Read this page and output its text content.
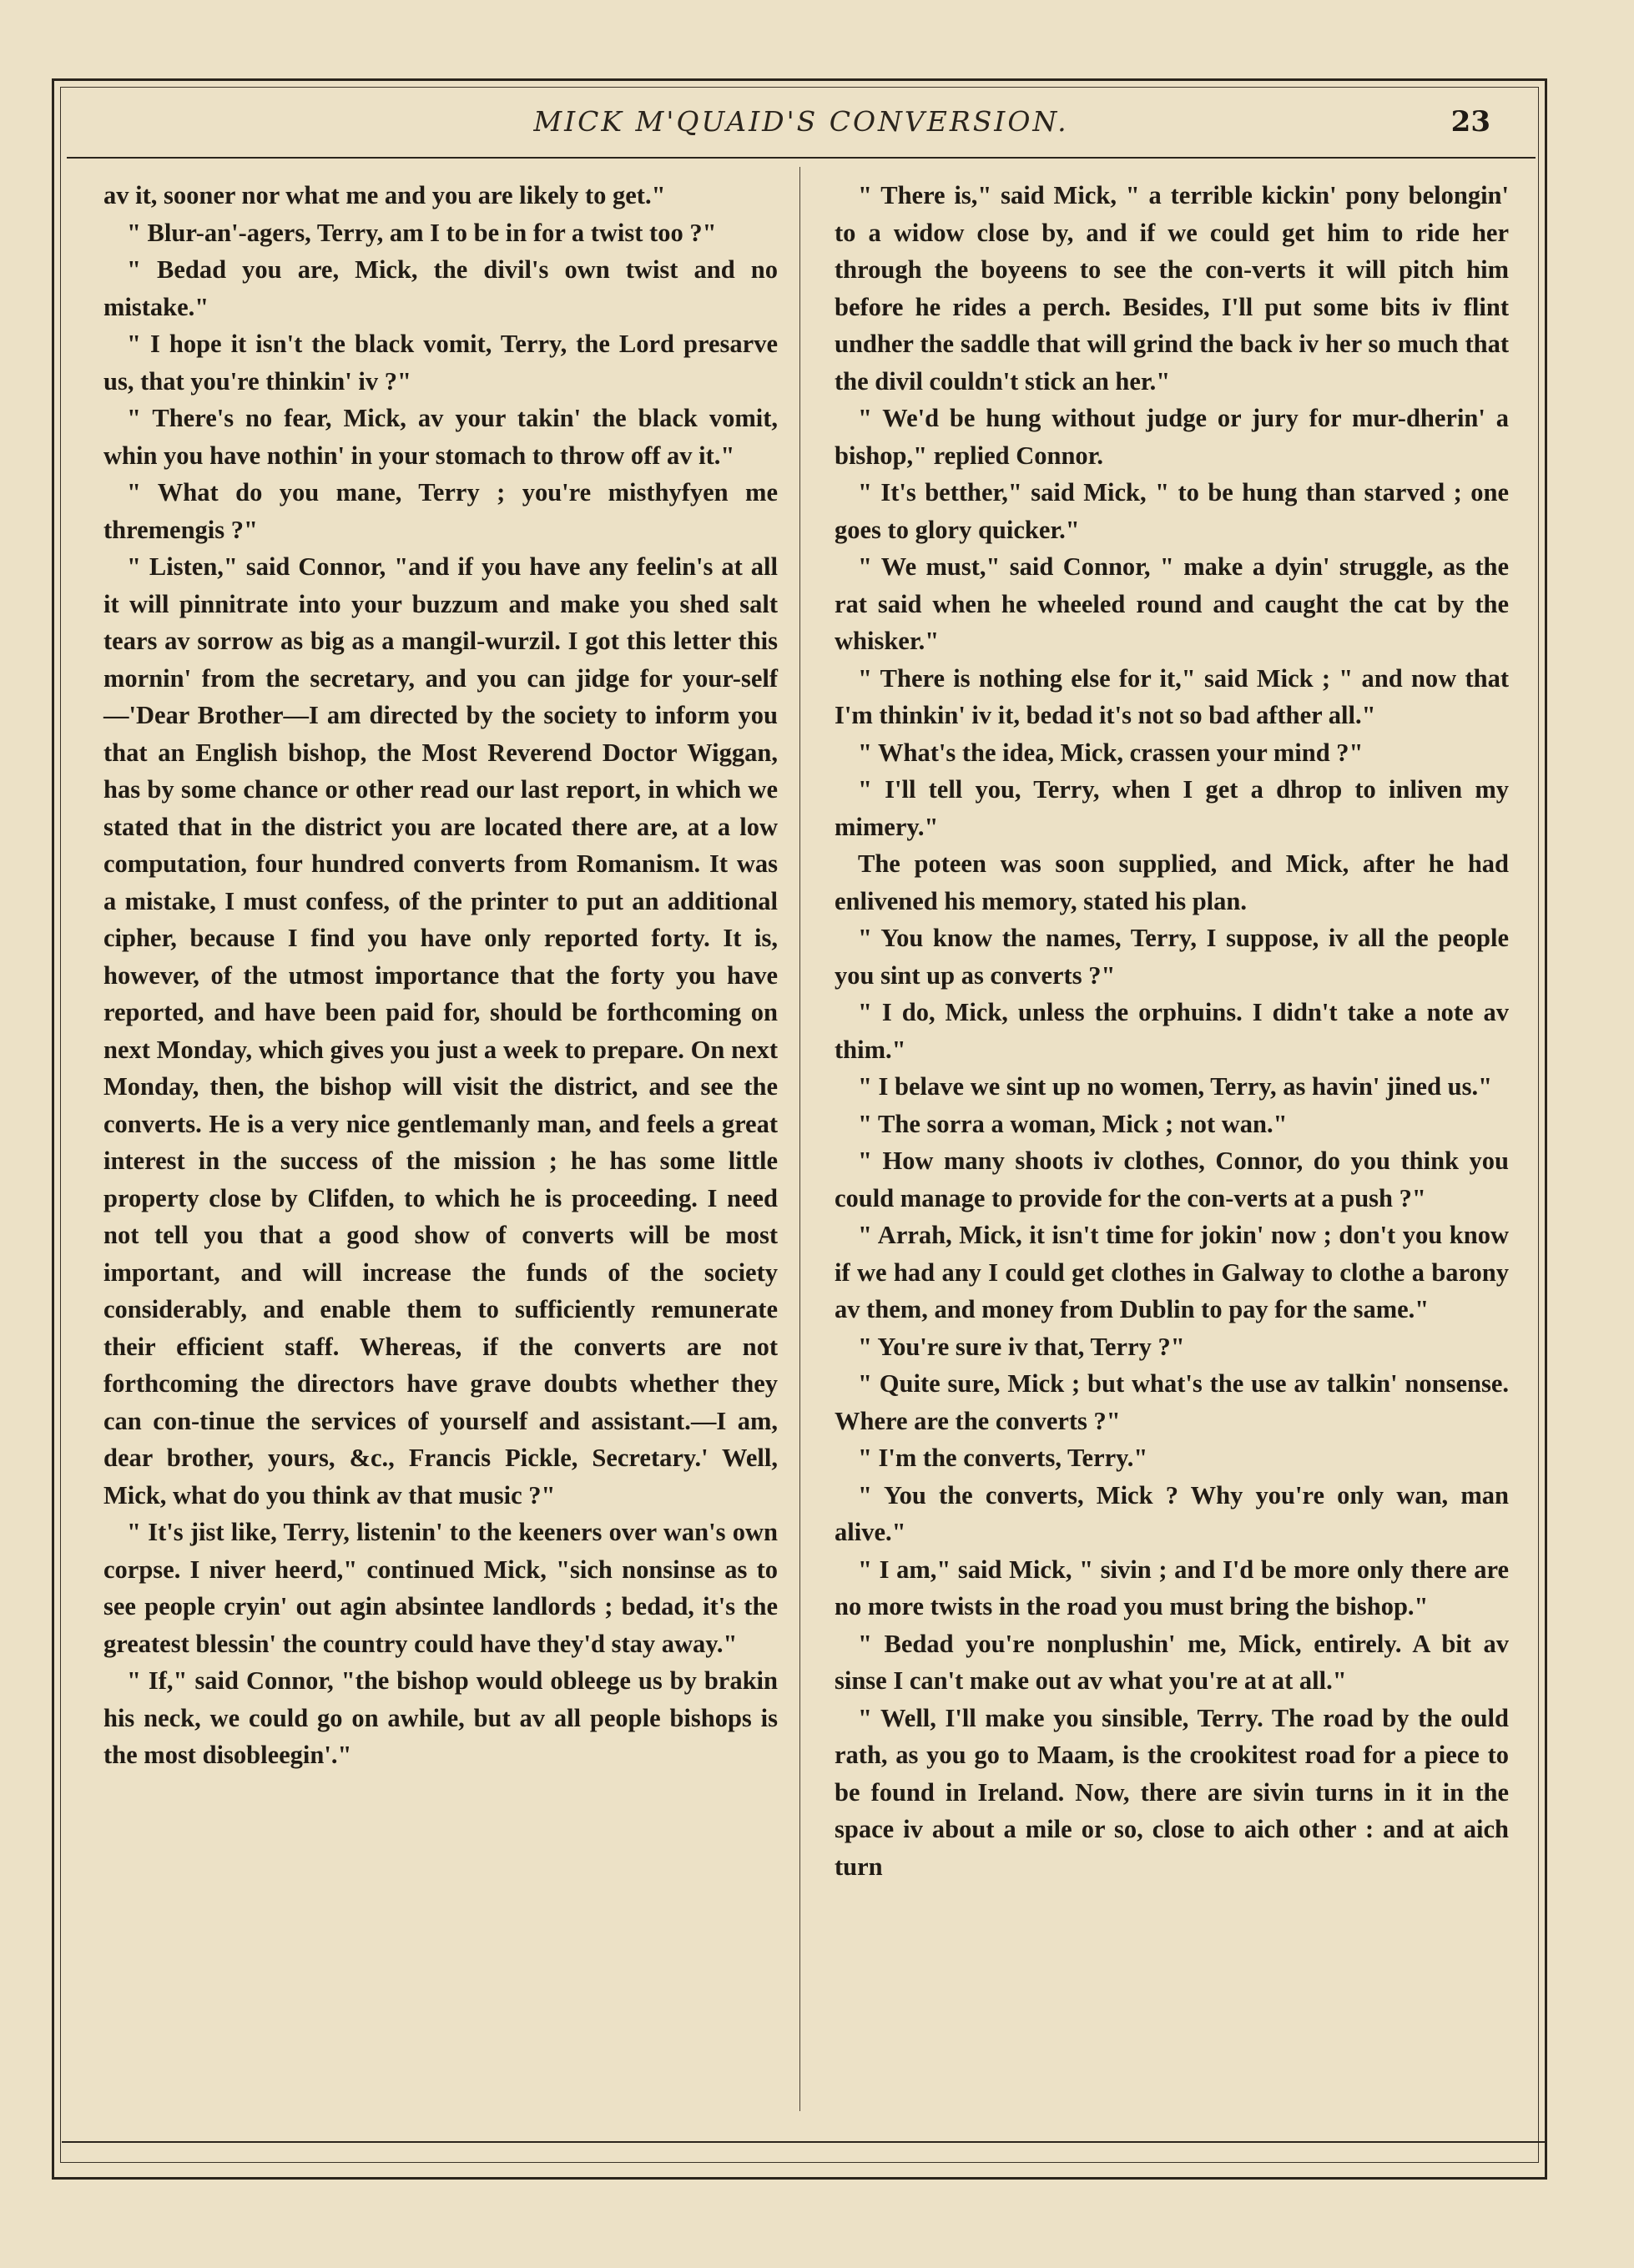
MICK M'QUAID'S CONVERSION.	23

av it, sooner nor what me and you are likely to get."

" Blur-an'-agers, Terry, am I to be in for a twist too ?"

" Bedad you are, Mick, the divil's own twist and no mistake."

" I hope it isn't the black vomit, Terry, the Lord presarve us, that you're thinkin' iv ?"

" There's no fear, Mick, av your takin' the black vomit, whin you have nothin' in your stomach to throw off av it."

" What do you mane, Terry ; you're misthyfyen me thremengis ?"

" Listen," said Connor, "and if you have any feelin's at all it will pinnitrate into your buzzum and make you shed salt tears av sorrow as big as a mangil-wurzil. I got this letter this mornin' from the secretary, and you can jidge for your-self—'Dear Brother—I am directed by the society to inform you that an English bishop, the Most Reverend Doctor Wiggan, has by some chance or other read our last report, in which we stated that in the district you are located there are, at a low computation, four hundred converts from Romanism. It was a mistake, I must confess, of the printer to put an additional cipher, because I find you have only reported forty. It is, however, of the utmost importance that the forty you have reported, and have been paid for, should be forthcoming on next Monday, which gives you just a week to prepare. On next Monday, then, the bishop will visit the district, and see the converts. He is a very nice gentlemanly man, and feels a great interest in the success of the mission ; he has some little property close by Clifden, to which he is proceeding. I need not tell you that a good show of converts will be most important, and will increase the funds of the society considerably, and enable them to sufficiently remunerate their efficient staff. Whereas, if the converts are not forthcoming the directors have grave doubts whether they can con-tinue the services of yourself and assistant.—I am, dear brother, yours, &c., Francis Pickle, Secretary.' Well, Mick, what do you think av that music ?"

" It's jist like, Terry, listenin' to the keeners over wan's own corpse. I niver heerd," continued Mick, "sich nonsinse as to see people cryin' out agin absintee landlords ; bedad, it's the greatest blessin' the country could have they'd stay away."

" If," said Connor, "the bishop would obleege us by brakin his neck, we could go on awhile, but av all people bishops is the most disobleegin'."

" There is," said Mick, " a terrible kickin' pony belongin' to a widow close by, and if we could get him to ride her through the boyeens to see the con-verts it will pitch him before he rides a perch. Besides, I'll put some bits iv flint undher the saddle that will grind the back iv her so much that the divil couldn't stick an her."

" We'd be hung without judge or jury for mur-dherin' a bishop," replied Connor.

" It's betther," said Mick, " to be hung than starved ; one goes to glory quicker."

" We must," said Connor, " make a dyin' struggle, as the rat said when he wheeled round and caught the cat by the whisker."

" There is nothing else for it," said Mick ; " and now that I'm thinkin' iv it, bedad it's not so bad afther all."

" What's the idea, Mick, crassen your mind ?"

" I'll tell you, Terry, when I get a dhrop to inliven my mimery."

The poteen was soon supplied, and Mick, after he had enlivened his memory, stated his plan.

" You know the names, Terry, I suppose, iv all the people you sint up as converts ?"

" I do, Mick, unless the orphuins. I didn't take a note av thim."

" I belave we sint up no women, Terry, as havin' jined us."

" The sorra a woman, Mick ; not wan."

" How many shoots iv clothes, Connor, do you think you could manage to provide for the con-verts at a push ?"

" Arrah, Mick, it isn't time for jokin' now ; don't you know if we had any I could get clothes in Galway to clothe a barony av them, and money from Dublin to pay for the same."

" You're sure iv that, Terry ?"

" Quite sure, Mick ; but what's the use av talkin' nonsense. Where are the converts ?"

" I'm the converts, Terry."

" You the converts, Mick ? Why you're only wan, man alive."

" I am," said Mick, " sivin ; and I'd be more only there are no more twists in the road you must bring the bishop."

" Bedad you're nonplushin' me, Mick, entirely. A bit av sinse I can't make out av what you're at at all."

" Well, I'll make you sinsible, Terry. The road by the ould rath, as you go to Maam, is the crookitest road for a piece to be found in Ireland. Now, there are sivin turns in it in the space iv about a mile or so, close to aich other : and at aich turn
